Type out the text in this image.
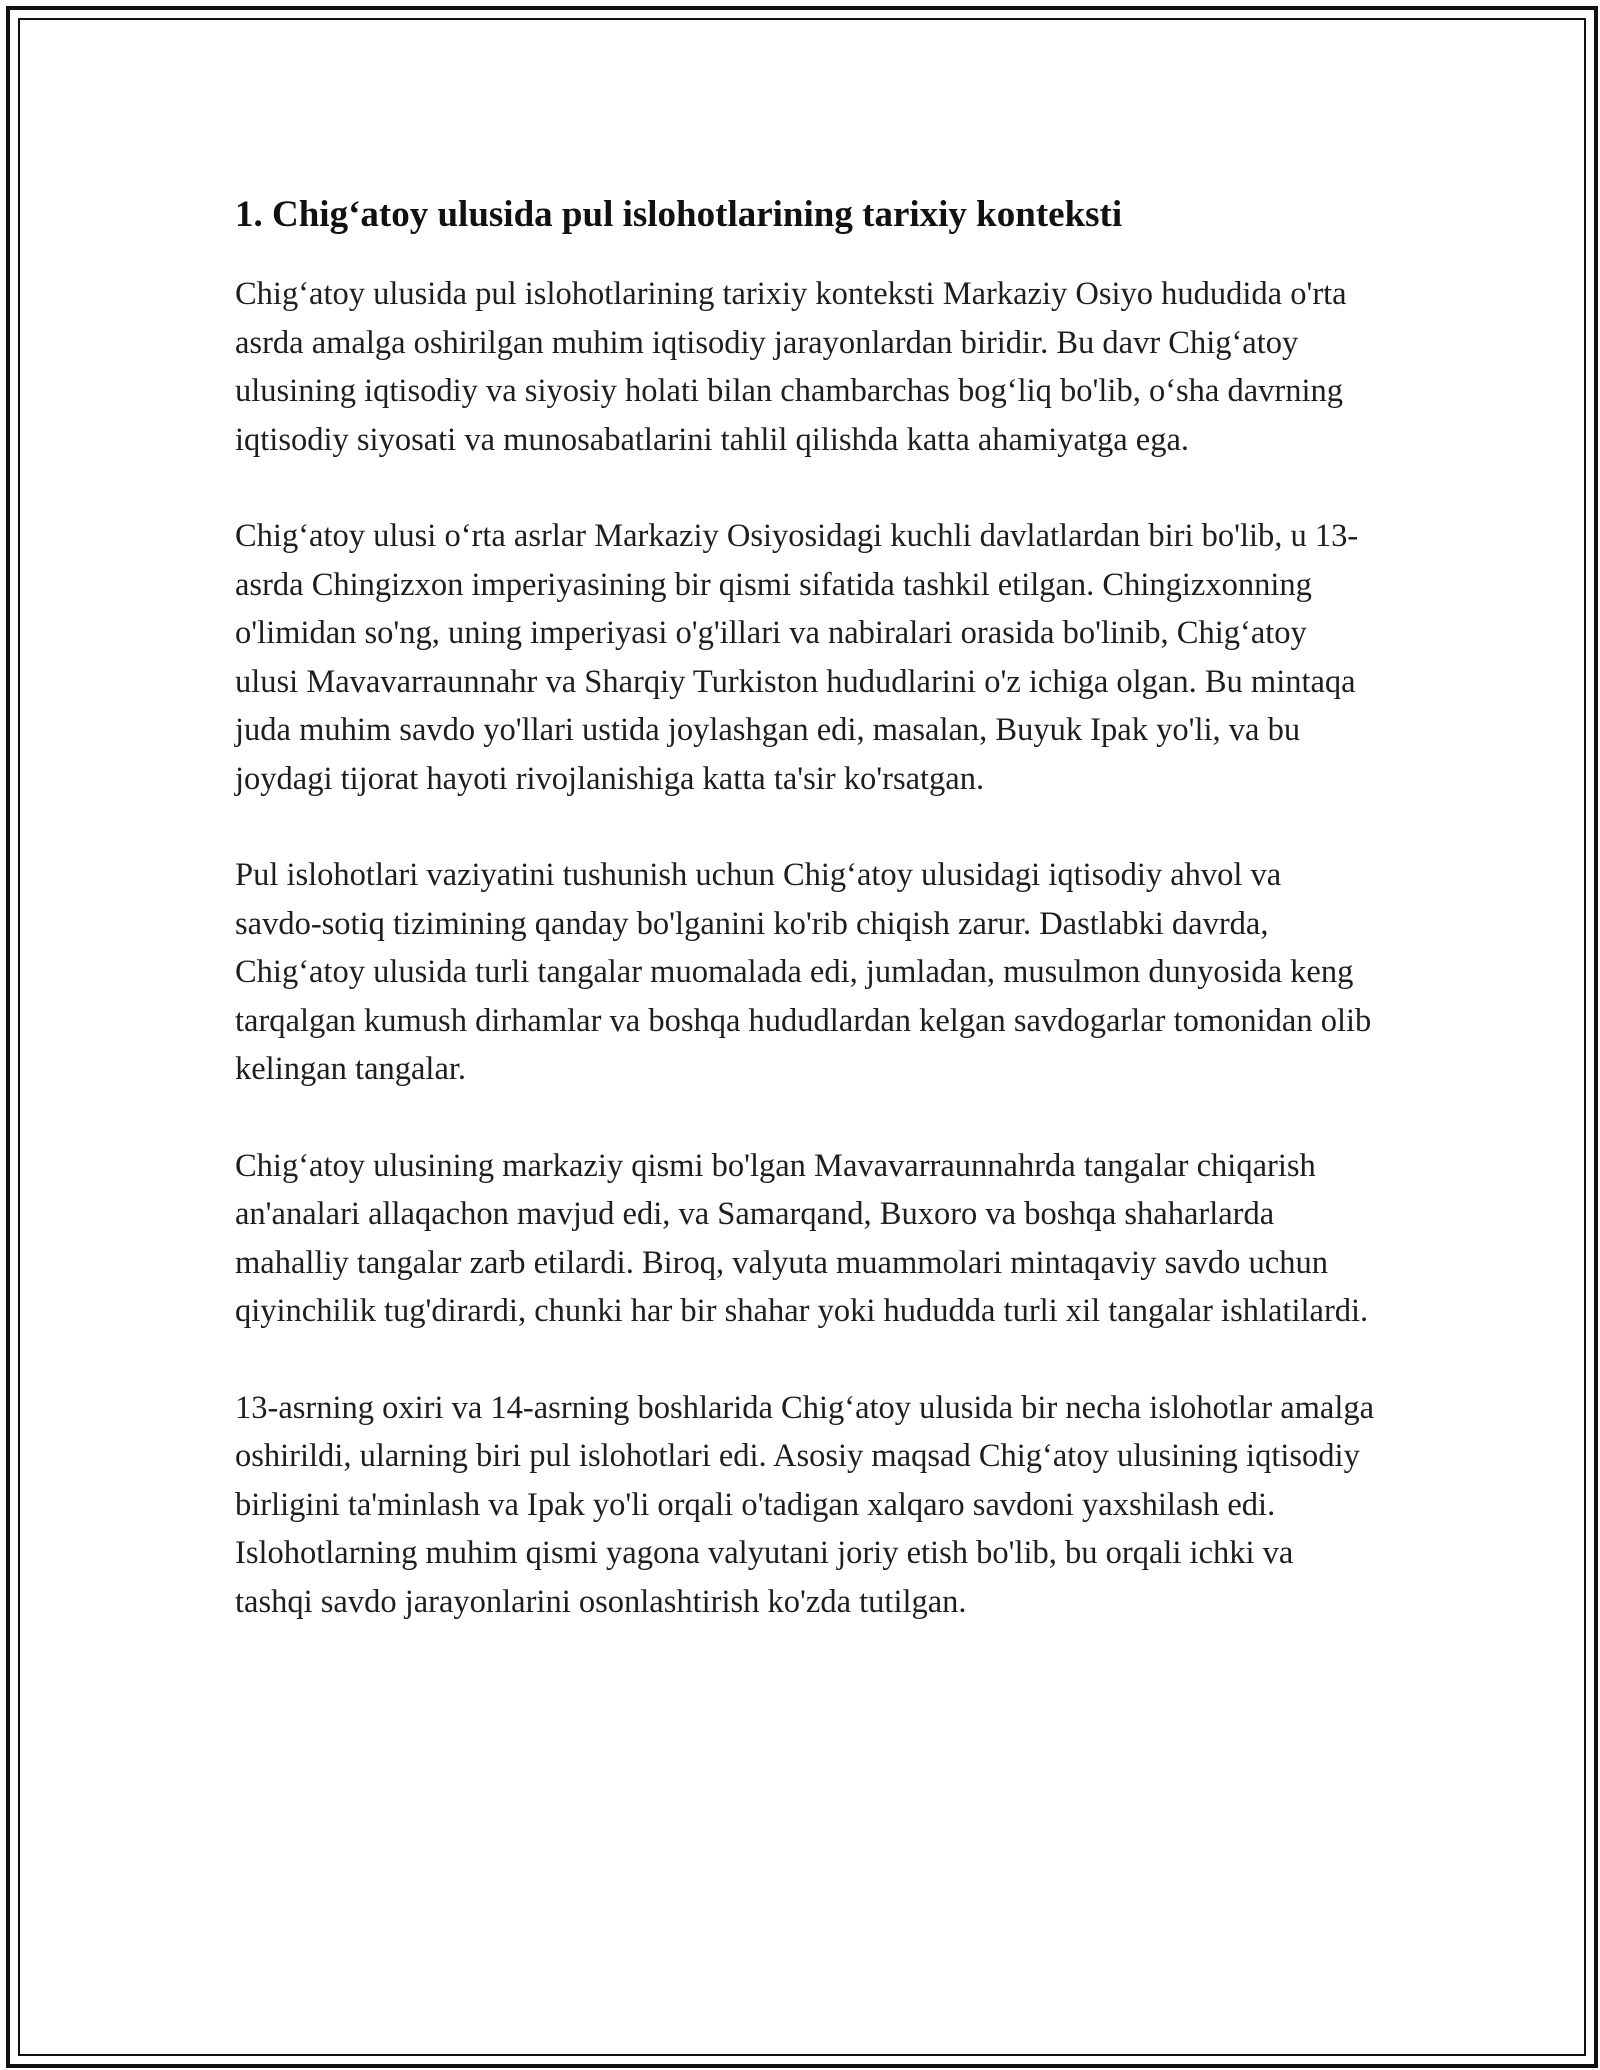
1. Chig‘atoy ulusida pul islohotlarining tarixiy konteksti

Chig‘atoy ulusida pul islohotlarining tarixiy konteksti Markaziy Osiyo hududida o'rta asrda amalga oshirilgan muhim iqtisodiy jarayonlardan biridir. Bu davr Chig‘atoy ulusining iqtisodiy va siyosiy holati bilan chambarchas bog‘liq bo'lib, o‘sha davrning iqtisodiy siyosati va munosabatlarini tahlil qilishda katta ahamiyatga ega.

Chig‘atoy ulusi o‘rta asrlar Markaziy Osiyosidagi kuchli davlatlardan biri bo'lib, u 13-asrda Chingizxon imperiyasining bir qismi sifatida tashkil etilgan. Chingizxonning o'limidan so'ng, uning imperiyasi o'g'illari va nabiralari orasida bo'linib, Chig‘atoy ulusi Mavavarraunnahr va Sharqiy Turkiston hududlarini o'z ichiga olgan. Bu mintaqa juda muhim savdo yo'llari ustida joylashgan edi, masalan, Buyuk Ipak yo'li, va bu joydagi tijorat hayoti rivojlanishiga katta ta'sir ko'rsatgan.

Pul islohotlari vaziyatini tushunish uchun Chig‘atoy ulusidagi iqtisodiy ahvol va savdo-sotiq tizimining qanday bo'lganini ko'rib chiqish zarur. Dastlabki davrda, Chig‘atoy ulusida turli tangalar muomalada edi, jumladan, musulmon dunyosida keng tarqalgan kumush dirhamlar va boshqa hududlardan kelgan savdogarlar tomonidan olib kelingan tangalar.

Chig‘atoy ulusining markaziy qismi bo'lgan Mavavarraunnahrda tangalar chiqarish an'analari allaqachon mavjud edi, va Samarqand, Buxoro va boshqa shaharlarda mahalliy tangalar zarb etilardi. Biroq, valyuta muammolari mintaqaviy savdo uchun qiyinchilik tug'dirardi, chunki har bir shahar yoki hududda turli xil tangalar ishlatilardi.

13-asrning oxiri va 14-asrning boshlarida Chig‘atoy ulusida bir necha islohotlar amalga oshirildi, ularning biri pul islohotlari edi. Asosiy maqsad Chig‘atoy ulusining iqtisodiy birligini ta'minlash va Ipak yo'li orqali o'tadigan xalqaro savdoni yaxshilash edi. Islohotlarning muhim qismi yagona valyutani joriy etish bo'lib, bu orqali ichki va tashqi savdo jarayonlarini osonlashtirish ko'zda tutilgan.
